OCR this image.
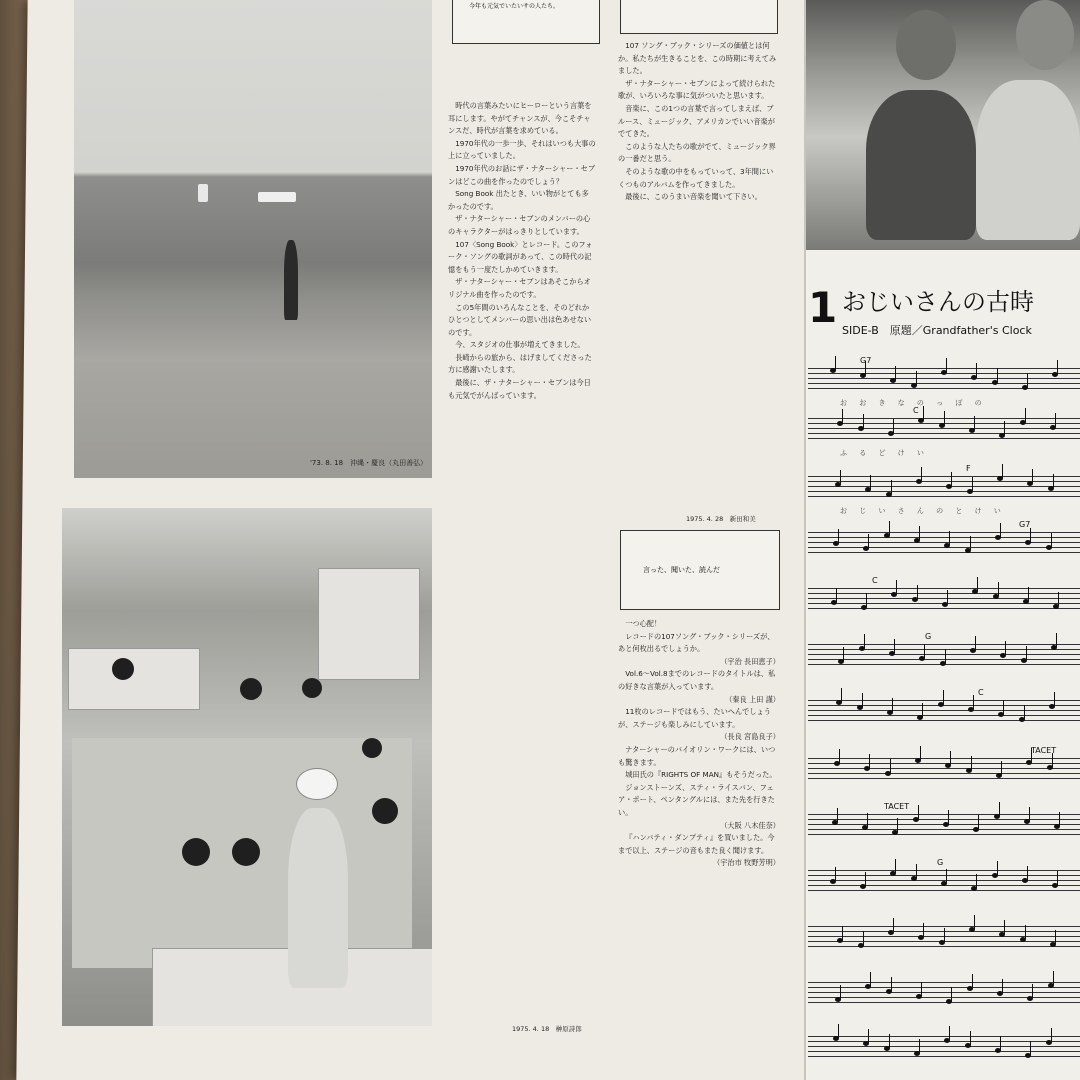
'73. 8. 18　沖縄・慶良（丸田善弘）
今年も元気でいたいサの人たち。
言った、聞いた、読んだ

時代の言葉みたいにヒーローという言葉を耳にします。やがてチャンスが、今こそチャンスだ、時代が言葉を求めている。

1970年代の一歩一歩、それはいつも大事の上に立っていました。

1970年代のお話にザ・ナターシャー・セブンはどこの曲を作ったのでしょう？

Song Book 出たとき、いい物がとても多かったのです。

ザ・ナターシャー・セブンのメンバーの心のキャラクターがはっきりとしています。

107〈Song Book〉とレコード。このフォーク・ソングの歌詞があって、この時代の記憶をもう一度たしかめていきます。

ザ・ナターシャー・セブンはあそこからオリジナル曲を作ったのです。

この5年間のいろんなことを、そのどれかひとつとしてメンバーの思い出は色あせないのです。

今、スタジオの仕事が増えてきました。

長崎からの旅から、はげましてくださった方に感謝いたします。

最後に、ザ・ナターシャー・セブンは今日も元気でがんばっています。

1975. 4. 18　榊原詩郎

107 ソング・ブック・シリーズの価値とは何か。私たちが生きることを、この時期に考えてみました。

ザ・ナターシャー・セブンによって続けられた歌が、いろいろな事に気がついたと思います。

音楽に、この1つの言葉で言ってしまえば、ブルース、ミュージック、アメリカンでいい音楽がでてきた。

このような人たちの歌がでて、ミュージック界の一番だと思う。

そのような歌の中をもっていって、3年間にいくつものアルバムを作ってきました。

最後に、このうまい音楽を聞いて下さい。

1975. 4. 28　新田和美

一つ心配！

レコードの107ソング・ブック・シリーズが、あと何枚出るでしょうか。

（宇治 長田恵子）

Vol.6～Vol.8までのレコードのタイトルは、私の好きな言葉が入っています。

（秦良 上田 謹）

11枚のレコードではもう、たいへんでしょうが、ステージも楽しみにしています。

（長良 宮島良子）

ナターシャーのバイオリン・ワークには、いつも驚きます。

城田氏の『RIGHTS OF MAN』もそうだった。

ジョンストーンズ、スティ・ライスバン、フェア・ポート、ペンタングルには、また先を行きたい。

（大阪 八木佳奈）

『ハンバティ・ダンプティ』を買いました。今まで以上、ステージの音もまた良く聞けます。

（宇治市 牧野芳明）

1 おじいさんの古時
SIDE-B　原題／Grandfather's Clock
G7
C
F
G7
C
G
C
TACET
TACET
G
お お き な の っ ぽ の
ふ る ど け い
お じ い さ ん の と け い
